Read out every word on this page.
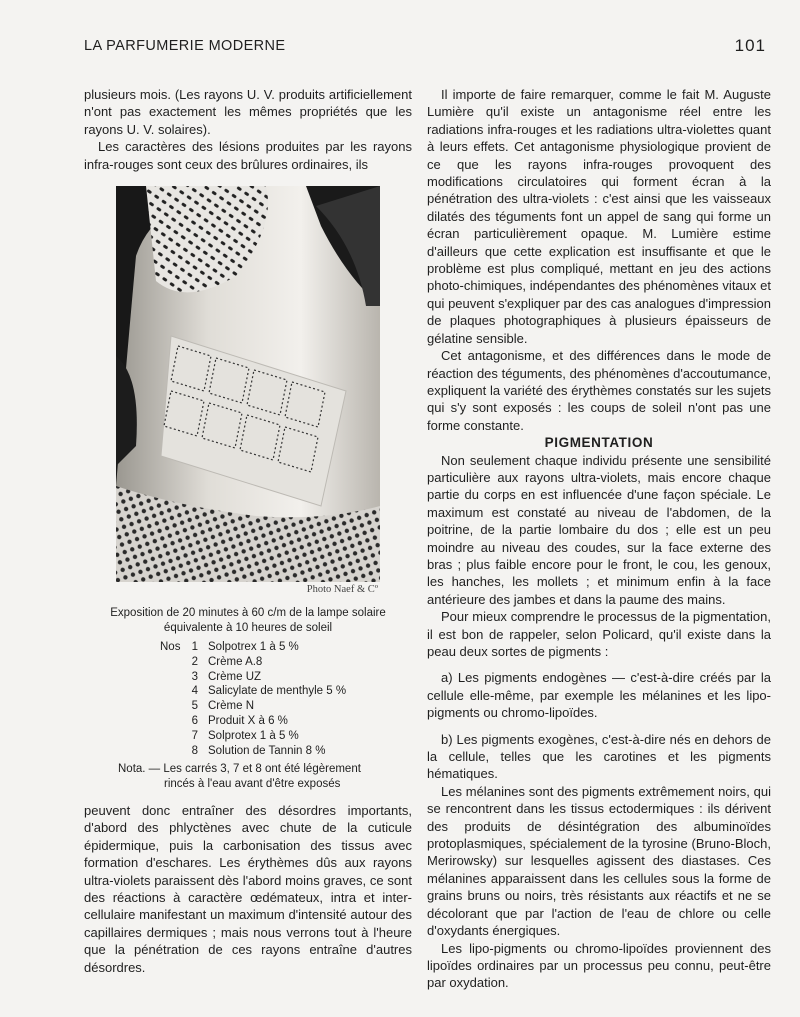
LA PARFUMERIE MODERNE	101

plusieurs mois. (Les rayons U. V. produits artificiellement n'ont pas exactement les mêmes propriétés que les rayons U. V. solaires).

Les caractères des lésions produites par les rayons infra-rouges sont ceux des brûlures ordinaires, ils

Photo Naef & Cº
Exposition de 20 minutes à 60 c/m de la lampe solaire
équivalente à 10 heures de soleil
Nos 1 Solpotrex 1 à 5 %
2 Crème A.8
3 Crème UZ
4 Salicylate de menthyle 5 %
5 Crème N
6 Produit X à 6 %
7 Solprotex 1 à 5 %
8 Solution de Tannin 8 %
Nota. — Les carrés 3, 7 et 8 ont été légèrement
rincés à l'eau avant d'être exposés

peuvent donc entraîner des désordres importants, d'abord des phlyctènes avec chute de la cuticule épidermique, puis la carbonisation des tissus avec formation d'eschares. Les érythèmes dûs aux rayons ultra-violets paraissent dès l'abord moins graves, ce sont des réactions à caractère œdémateux, intra et inter-cellulaire manifestant un maximum d'intensité autour des capillaires dermiques ; mais nous verrons tout à l'heure que la pénétration de ces rayons entraîne d'autres désordres.

Il importe de faire remarquer, comme le fait M. Auguste Lumière qu'il existe un antagonisme réel entre les radiations infra-rouges et les radiations ultra-violettes quant à leurs effets. Cet antagonisme physiologique provient de ce que les rayons infra-rouges provoquent des modifications circulatoires qui forment écran à la pénétration des ultra-violets : c'est ainsi que les vaisseaux dilatés des téguments font un appel de sang qui forme un écran particulièrement opaque. M. Lumière estime d'ailleurs que cette explication est insuffisante et que le problème est plus compliqué, mettant en jeu des actions photo-chimiques, indépendantes des phénomènes vitaux et qui peuvent s'expliquer par des cas analogues d'impression de plaques photographiques à plusieurs épaisseurs de gélatine sensible.

Cet antagonisme, et des différences dans le mode de réaction des téguments, des phénomènes d'accoutumance, expliquent la variété des érythèmes constatés sur les sujets qui s'y sont exposés : les coups de soleil n'ont pas une forme constante.

PIGMENTATION

Non seulement chaque individu présente une sensibilité particulière aux rayons ultra-violets, mais encore chaque partie du corps en est influencée d'une façon spéciale. Le maximum est constaté au niveau de l'abdomen, de la poitrine, de la partie lombaire du dos ; elle est un peu moindre au niveau des coudes, sur la face externe des bras ; plus faible encore pour le front, le cou, les genoux, les hanches, les mollets ; et minimum enfin à la face antérieure des jambes et dans la paume des mains.

Pour mieux comprendre le processus de la pigmentation, il est bon de rappeler, selon Policard, qu'il existe dans la peau deux sortes de pigments :

a) Les pigments endogènes — c'est-à-dire créés par la cellule elle-même, par exemple les mélanines et les lipo-pigments ou chromo-lipoïdes.

b) Les pigments exogènes, c'est-à-dire nés en dehors de la cellule, telles que les carotines et les pigments hématiques.

Les mélanines sont des pigments extrêmement noirs, qui se rencontrent dans les tissus ectodermiques : ils dérivent des produits de désintégration des albuminoïdes protoplasmiques, spécialement de la tyrosine (Bruno-Bloch, Merirowsky) sur lesquelles agissent des diastases. Ces mélanines apparaissent dans les cellules sous la forme de grains bruns ou noirs, très résistants aux réactifs et ne se décolorant que par l'action de l'eau de chlore ou celle d'oxydants énergiques.

Les lipo-pigments ou chromo-lipoïdes proviennent des lipoïdes ordinaires par un processus peu connu, peut-être par oxydation.
